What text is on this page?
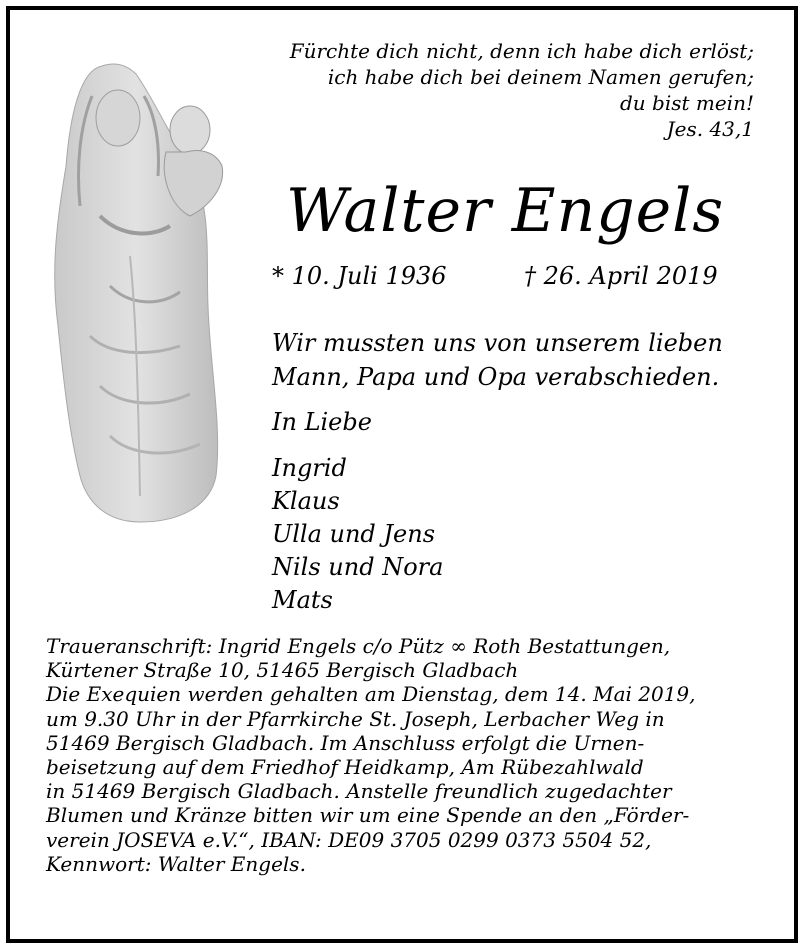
Fürchte dich nicht, denn ich habe dich erlöst;
ich habe dich bei deinem Namen gerufen;
du bist mein!
Jes. 43,1
Walter Engels
* 10. Juli 1936	† 26. April 2019
Wir mussten uns von unserem lieben
Mann, Papa und Opa verabschieden.
In Liebe
Ingrid
Klaus
Ulla und Jens
Nils und Nora
Mats
Traueranschrift: Ingrid Engels c/o Pütz ∞ Roth Bestattungen,
Kürtener Straße 10, 51465 Bergisch Gladbach
Die Exequien werden gehalten am Dienstag, dem 14. Mai 2019,
um 9.30 Uhr in der Pfarrkirche St. Joseph, Lerbacher Weg in
51469 Bergisch Gladbach. Im Anschluss erfolgt die Urnen-
beisetzung auf dem Friedhof Heidkamp, Am Rübezahlwald
in 51469 Bergisch Gladbach. Anstelle freundlich zugedachter
Blumen und Kränze bitten wir um eine Spende an den „Förder-
verein JOSEVA e.V.“, IBAN: DE09 3705 0299 0373 5504 52,
Kennwort: Walter Engels.
